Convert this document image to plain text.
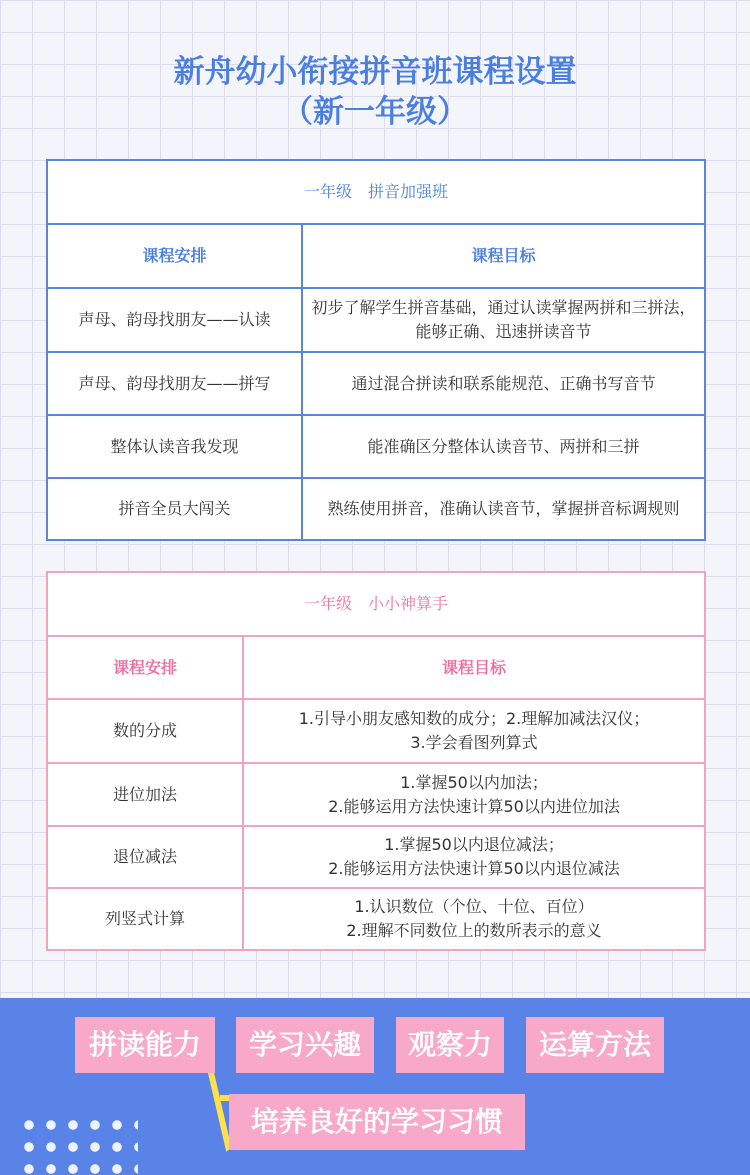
新舟幼小衔接拼音班课程设置
（新一年级）
一年级　拼音加强班	
课程安排	课程目标
声母、韵母找朋友——认读	初步了解学生拼音基础，通过认读掌握两拼和三拼法，能够正确、迅速拼读音节
声母、韵母找朋友——拼写	通过混合拼读和联系能规范、正确书写音节
整体认读音我发现	能准确区分整体认读音节、两拼和三拼
拼音全员大闯关	熟练使用拼音，准确认读音节，掌握拼音标调规则
一年级　小小神算手	
课程安排	课程目标
数的分成	1.引导小朋友感知数的成分；2.理解加减法汉仪；
3.学会看图列算式

进位加法	1.掌握50以内加法；
2.能够运用方法快速计算50以内进位加法

退位减法	1.掌握50以内退位减法；
2.能够运用方法快速计算50以内退位减法

列竖式计算	1.认识数位（个位、十位、百位）
2.理解不同数位上的数所表示的意义
拼读能力	学习兴趣	观察力	运算方法
培养良好的学习习惯
